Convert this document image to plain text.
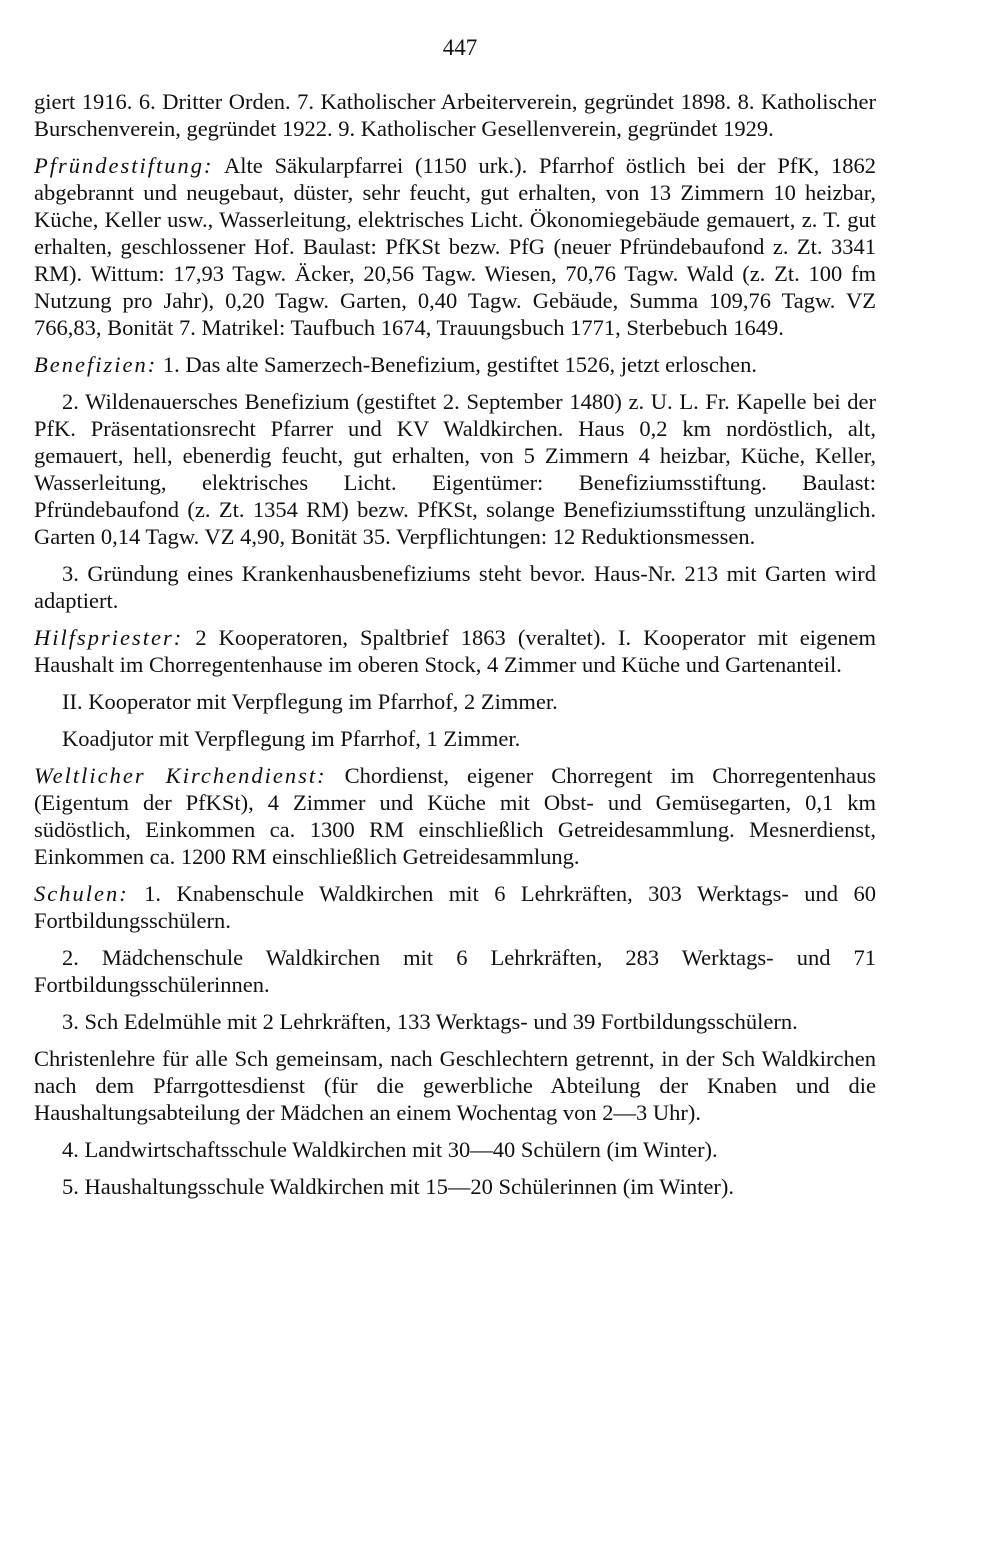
447

giert 1916. 6. Dritter Orden. 7. Katholischer Arbeiterverein, gegründet 1898. 8. Katholischer Burschenverein, gegründet 1922. 9. Katholischer Gesellenverein, gegründet 1929.

Pfründestiftung: Alte Säkularpfarrei (1150 urk.). Pfarrhof östlich bei der PfK, 1862 abgebrannt und neugebaut, düster, sehr feucht, gut erhalten, von 13 Zimmern 10 heizbar, Küche, Keller usw., Wasserleitung, elektrisches Licht. Ökonomiegebäude gemauert, z. T. gut erhalten, geschlossener Hof. Baulast: PfKSt bezw. PfG (neuer Pfründebaufond z. Zt. 3341 RM). Wittum: 17,93 Tagw. Äcker, 20,56 Tagw. Wiesen, 70,76 Tagw. Wald (z. Zt. 100 fm Nutzung pro Jahr), 0,20 Tagw. Garten, 0,40 Tagw. Gebäude, Summa 109,76 Tagw. VZ 766,83, Bonität 7. Matrikel: Taufbuch 1674, Trauungsbuch 1771, Sterbebuch 1649.

Benefizien: 1. Das alte Samerzech-Benefizium, gestiftet 1526, jetzt erloschen.

2. Wildenauersches Benefizium (gestiftet 2. September 1480) z. U. L. Fr. Kapelle bei der PfK. Präsentationsrecht Pfarrer und KV Waldkirchen. Haus 0,2 km nordöstlich, alt, gemauert, hell, ebenerdig feucht, gut erhalten, von 5 Zimmern 4 heizbar, Küche, Keller, Wasserleitung, elektrisches Licht. Eigentümer: Benefiziumsstiftung. Baulast: Pfründebaufond (z. Zt. 1354 RM) bezw. PfKSt, solange Benefiziumsstiftung unzulänglich. Garten 0,14 Tagw. VZ 4,90, Bonität 35. Verpflichtungen: 12 Reduktionsmessen.

3. Gründung eines Krankenhausbenefiziums steht bevor. Haus-Nr. 213 mit Garten wird adaptiert.

Hilfspriester: 2 Kooperatoren, Spaltbrief 1863 (veraltet). I. Kooperator mit eigenem Haushalt im Chorregentenhause im oberen Stock, 4 Zimmer und Küche und Gartenanteil.

II. Kooperator mit Verpflegung im Pfarrhof, 2 Zimmer.

Koadjutor mit Verpflegung im Pfarrhof, 1 Zimmer.

Weltlicher Kirchendienst: Chordienst, eigener Chorregent im Chorregentenhaus (Eigentum der PfKSt), 4 Zimmer und Küche mit Obst- und Gemüsegarten, 0,1 km südöstlich, Einkommen ca. 1300 RM einschließlich Getreidesammlung. Mesnerdienst, Einkommen ca. 1200 RM einschließlich Getreidesammlung.

Schulen: 1. Knabenschule Waldkirchen mit 6 Lehrkräften, 303 Werktags- und 60 Fortbildungsschülern.

2. Mädchenschule Waldkirchen mit 6 Lehrkräften, 283 Werktags- und 71 Fortbildungsschülerinnen.

3. Sch Edelmühle mit 2 Lehrkräften, 133 Werktags- und 39 Fortbildungsschülern.

Christenlehre für alle Sch gemeinsam, nach Geschlechtern getrennt, in der Sch Waldkirchen nach dem Pfarrgottesdienst (für die gewerbliche Abteilung der Knaben und die Haushaltungsabteilung der Mädchen an einem Wochentag von 2—3 Uhr).

4. Landwirtschaftsschule Waldkirchen mit 30—40 Schülern (im Winter).

5. Haushaltungsschule Waldkirchen mit 15—20 Schülerinnen (im Winter).
